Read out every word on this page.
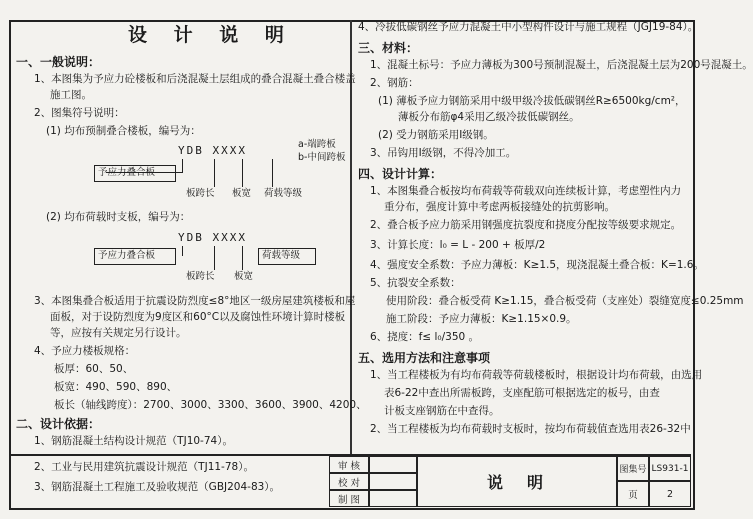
设 计 说 明
一、一般说明：
1、本图集为予应力砼楼板和后浇混凝土层组成的叠合混凝土叠合楼盖
施工图。
2、图集符号说明：
(1) 均布预制叠合楼板，编号为：
YDB XXXX	a-端跨板
b-中间跨板
予应力叠合板
板跨长 板宽 荷载等级
(2) 均布荷载时支板，编号为：
YDB XXXX
予应力叠合板
板跨长 板宽
荷载等级
3、本图集叠合板适用于抗震设防烈度≤8°地区一级房屋建筑楼板和屋
面板，对于设防烈度为9度区和60°C以及腐蚀性环境计算时楼板
等，应按有关规定另行设计。
4、予应力楼板规格：
板厚：60、50、
板宽：490、590、890、
板长（轴线跨度）：2700、3000、3300、3600、3900、4200、
二、设计依据：
1、钢筋混凝土结构设计规范（TJ10-74）。
4、冷拔低碳钢丝予应力混凝土中小型构件设计与施工规程（JGJ19-84）。
三、材料：
1、混凝土标号：予应力薄板为300号预制混凝土，后浇混凝土层为200号混凝土。
2、钢筋：
(1) 薄板予应力钢筋采用中级甲级冷拔低碳钢丝R≥6500kg/cm²，
薄板分布筋φ4采用乙级冷拔低碳钢丝。
(2) 受力钢筋采用Ⅰ级钢。
3、吊钩用Ⅰ级钢，不得冷加工。
四、设计计算：
1、本图集叠合板按均布荷载等荷载双向连续板计算，考虑塑性内力
重分布，强度计算中考虑两板接缝处的抗剪影响。
2、叠合板予应力筋采用钢强度抗裂度和挠度分配按等级要求规定。
3、计算长度：l₀ = L - 200 + 板厚/2
4、强度安全系数：予应力薄板：K≥1.5，现浇混凝土叠合板：K=1.6。
5、抗裂安全系数：
使用阶段：叠合板受荷 K≥1.15，叠合板受荷（支座处）裂缝宽度≤0.25mm
施工阶段：予应力薄板：K≥1.15×0.9。
6、挠度：f≤ l₀/350 。
五、选用方法和注意事项
1、当工程楼板为有均布荷载等荷载楼板时，根据设计均布荷载，由选用
表6-22中查出所需板跨，支座配筋可根据选定的板号，由查
计板支座钢筋在中查得。
2、当工程楼板为均布荷载时支板时，按均布荷载值查选用表26-32中
审 核
校 对
制 图
说　明
图集号 LS931-1
页	2
2、工业与民用建筑抗震设计规范（TJ11-78）。
3、钢筋混凝土工程施工及验收规范（GBJ204-83）。
